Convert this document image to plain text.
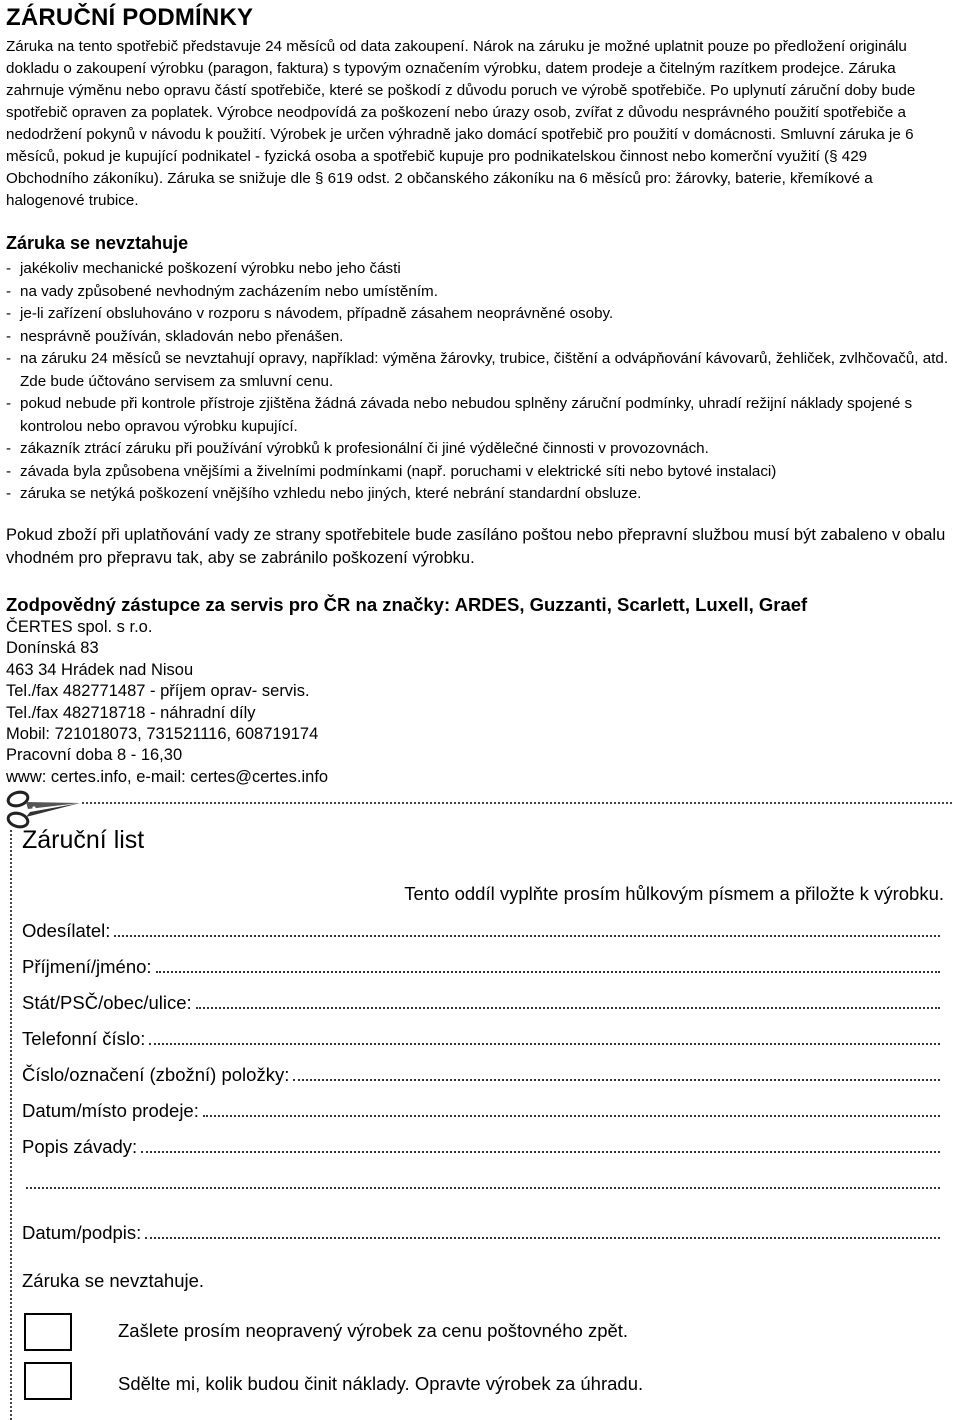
ZÁRUČNÍ PODMÍNKY

Záruka na tento spotřebič představuje 24 měsíců od data zakoupení. Nárok na záruku je možné uplatnit pouze po předložení originálu dokladu o zakoupení výrobku (paragon, faktura) s typovým označením výrobku, datem prodeje a čitelným razítkem prodejce. Záruka zahrnuje výměnu nebo opravu částí spotřebiče, které se poškodí z důvodu poruch ve výrobě spotřebiče. Po uplynutí záruční doby bude spotřebič opraven za poplatek. Výrobce neodpovídá za poškození nebo úrazy osob, zvířat z důvodu nesprávného použití spotřebiče a nedodržení pokynů v návodu k použití. Výrobek je určen výhradně jako domácí spotřebič pro použití v domácnosti. Smluvní záruka je 6 měsíců, pokud je kupující podnikatel - fyzická osoba a spotřebič kupuje pro podnikatelskou činnost nebo komerční využití (§ 429 Obchodního zákoníku). Záruka se snižuje dle § 619 odst. 2 občanského zákoníku na 6 měsíců pro: žárovky, baterie, křemíkové a halogenové trubice.

Záruka se nevztahuje
- jakékoliv mechanické poškození výrobku nebo jeho části
- na vady způsobené nevhodným zacházením nebo umístěním.
- je-li zařízení obsluhováno v rozporu s návodem, případně zásahem neoprávněné osoby.
- nesprávně používán, skladován nebo přenášen.
- na záruku 24 měsíců se nevztahují opravy, například: výměna žárovky, trubice, čištění a odvápňování kávovarů, žehliček, zvlhčovačů, atd. Zde bude účtováno servisem za smluvní cenu.
- pokud nebude při kontrole přístroje zjištěna žádná závada nebo nebudou splněny záruční podmínky, uhradí režijní náklady spojené s kontrolou nebo opravou výrobku kupující.
- zákazník ztrácí záruku při používání výrobků k profesionální či jiné výdělečné činnosti v provozovnách.
- závada byla způsobena vnějšími a živelními podmínkami (např. poruchami v elektrické síti nebo bytové instalaci)
- záruka se netýká poškození vnějšího vzhledu nebo jiných, které nebrání standardní obsluze.

Pokud zboží při uplatňování vady ze strany spotřebitele bude zasíláno poštou nebo přepravní službou musí být zabaleno v obalu vhodném pro přepravu tak, aby se zabránilo poškození výrobku.

Zodpovědný zástupce za servis pro ČR na značky: ARDES, Guzzanti, Scarlett, Luxell, Graef
ČERTES spol. s r.o.
Donínská 83
463 34 Hrádek nad Nisou
Tel./fax 482771487 - příjem oprav- servis.
Tel./fax 482718718 - náhradní díly
Mobil: 721018073, 731521116, 608719174
Pracovní doba 8 - 16,30
www: certes.info, e-mail: certes@certes.info
Záruční list

Tento oddíl vyplňte prosím hůlkovým písmem a přiložte k výrobku.

Odesílatel:
Příjmení/jméno:
Stát/PSČ/obec/ulice:
Telefonní číslo:
Číslo/označení (zbožní) položky:
Datum/místo prodeje:
Popis závady:
Datum/podpis:

Záruka se nevztahuje.

Zašlete prosím neopravený výrobek za cenu poštovného zpět.

Sdělte mi, kolik budou činit náklady. Opravte výrobek za úhradu.
